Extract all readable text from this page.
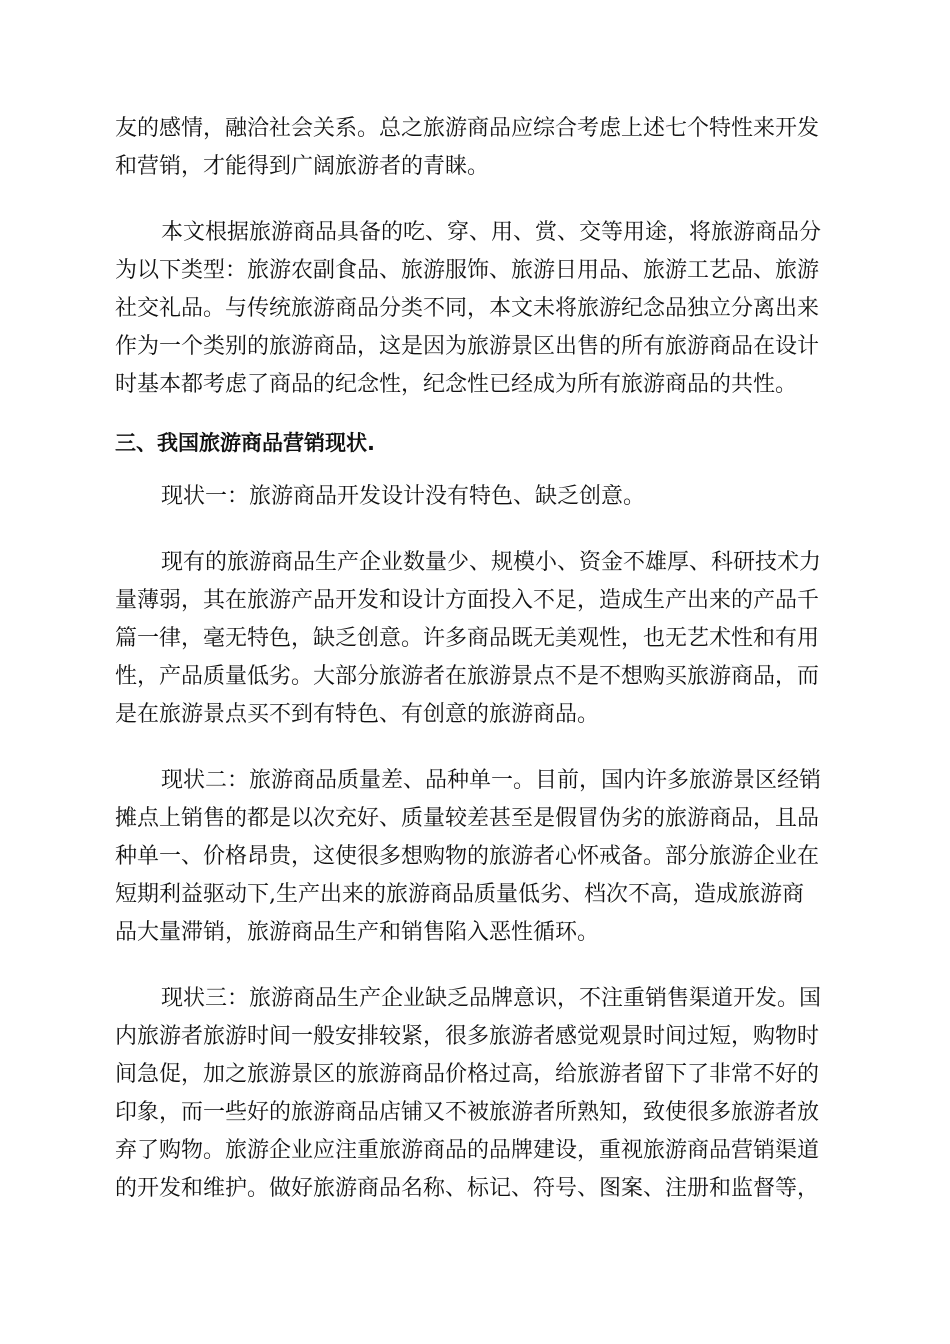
友的感情，融洽社会关系。总之旅游商品应综合考虑上述七个特性来开发
和营销，才能得到广阔旅游者的青睐。

本文根据旅游商品具备的吃、穿、用、赏、交等用途，将旅游商品分
为以下类型：旅游农副食品、旅游服饰、旅游日用品、旅游工艺品、旅游
社交礼品。与传统旅游商品分类不同，本文未将旅游纪念品独立分离出来
作为一个类别的旅游商品，这是因为旅游景区出售的所有旅游商品在设计
时基本都考虑了商品的纪念性，纪念性已经成为所有旅游商品的共性。

三、我国旅游商品营销现状.

现状一：旅游商品开发设计没有特色、缺乏创意。

现有的旅游商品生产企业数量少、规模小、资金不雄厚、科研技术力
量薄弱，其在旅游产品开发和设计方面投入不足，造成生产出来的产品千
篇一律，毫无特色，缺乏创意。许多商品既无美观性，也无艺术性和有用
性，产品质量低劣。大部分旅游者在旅游景点不是不想购买旅游商品，而
是在旅游景点买不到有特色、有创意的旅游商品。

现状二：旅游商品质量差、品种单一。目前，国内许多旅游景区经销
摊点上销售的都是以次充好、质量较差甚至是假冒伪劣的旅游商品，且品
种单一、价格昂贵，这使很多想购物的旅游者心怀戒备。部分旅游企业在
短期利益驱动下,生产出来的旅游商品质量低劣、档次不高，造成旅游商
品大量滞销，旅游商品生产和销售陷入恶性循环。

现状三：旅游商品生产企业缺乏品牌意识，不注重销售渠道开发。国
内旅游者旅游时间一般安排较紧，很多旅游者感觉观景时间过短，购物时
间急促，加之旅游景区的旅游商品价格过高，给旅游者留下了非常不好的
印象，而一些好的旅游商品店铺又不被旅游者所熟知，致使很多旅游者放
弃了购物。旅游企业应注重旅游商品的品牌建设，重视旅游商品营销渠道
的开发和维护。做好旅游商品名称、标记、符号、图案、注册和监督等，
